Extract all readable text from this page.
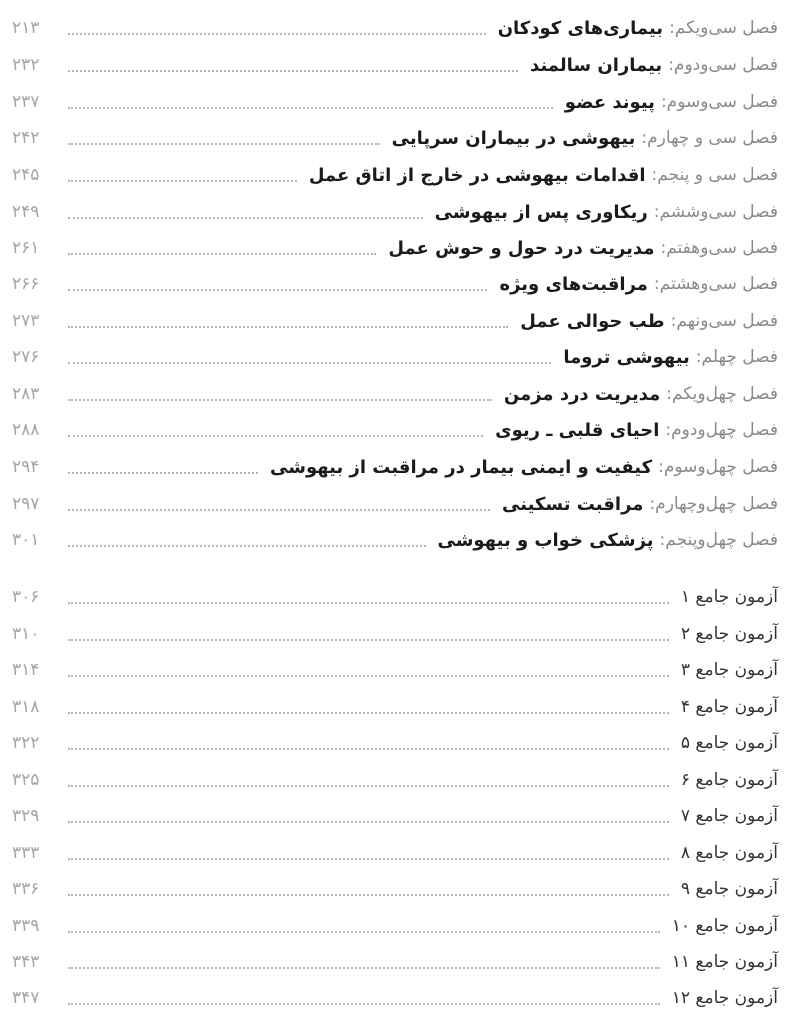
فصل سی‌ویکم:
بیماری‌های کودکان
۲۱۳
فصل سی‌ودوم:
بیماران سالمند
۲۳۲
فصل سی‌وسوم:
پیوند عضو
۲۳۷
فصل سی و چهارم:
بیهوشی در بیماران سرپایی
۲۴۲
فصل سی و پنجم:
اقدامات بیهوشی در خارج از اتاق عمل
۲۴۵
فصل سی‌وششم:
ریکاوری پس از بیهوشی
۲۴۹
فصل سی‌وهفتم:
مدیریت درد حول و حوش عمل
۲۶۱
فصل سی‌وهشتم:
مراقبت‌های ویژه
۲۶۶
فصل سی‌ونهم:
طب حوالی عمل
۲۷۳
فصل چهلم:
بیهوشی تروما
۲۷۶
فصل چهل‌ویکم:
مدیریت درد مزمن
۲۸۳
فصل چهل‌ودوم:
احیای قلبی ـ ریوی
۲۸۸
فصل چهل‌وسوم:
کیفیت و ایمنی بیمار در مراقبت از بیهوشی
۲۹۴
فصل چهل‌وچهارم:
مراقبت تسکینی
۲۹۷
فصل چهل‌وپنجم:
پزشکی خواب و بیهوشی
۳۰۱
آزمون جامع ۱
۳۰۶
آزمون جامع ۲
۳۱۰
آزمون جامع ۳
۳۱۴
آزمون جامع ۴
۳۱۸
آزمون جامع ۵
۳۲۲
آزمون جامع ۶
۳۲۵
آزمون جامع ۷
۳۲۹
آزمون جامع ۸
۳۳۳
آزمون جامع ۹
۳۳۶
آزمون جامع ۱۰
۳۳۹
آزمون جامع ۱۱
۳۴۳
آزمون جامع ۱۲
۳۴۷
